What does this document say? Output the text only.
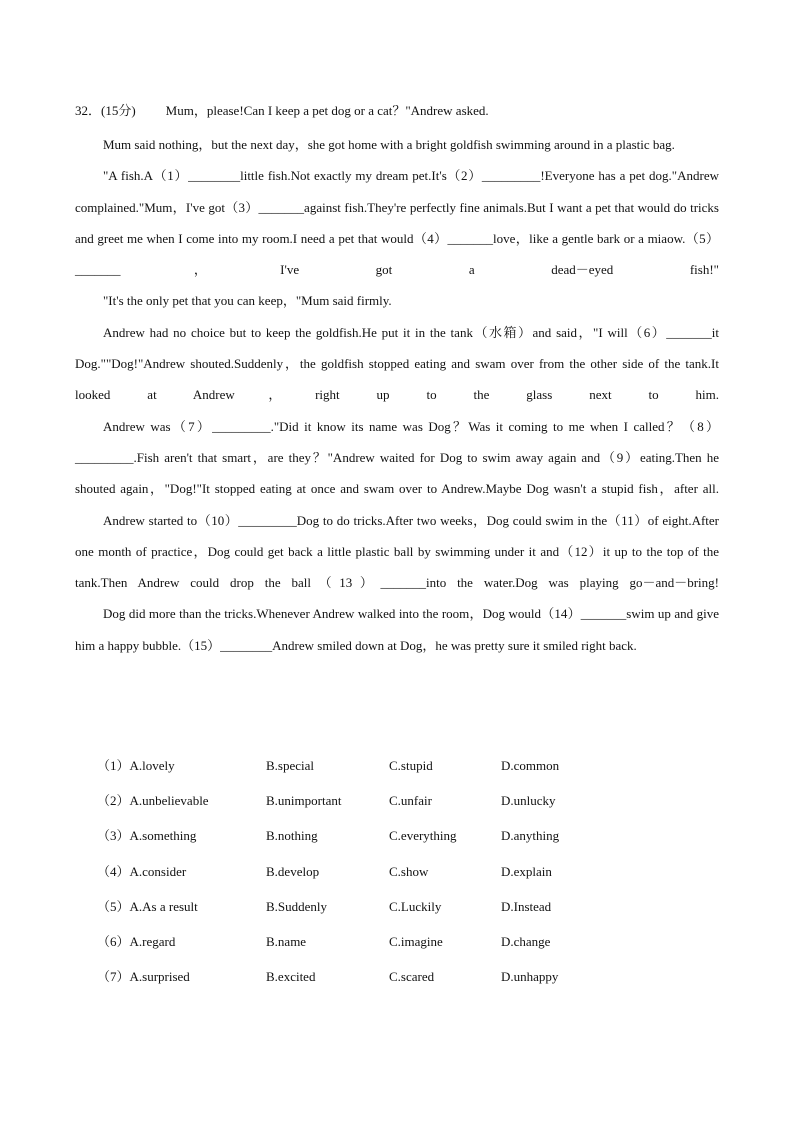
32．(15分) Mum，please!Can I keep a pet dog or a cat？"Andrew asked.

Mum said nothing，but the next day，she got home with a bright goldfish swimming around in a plastic bag.

"A fish.A（1）________little fish.Not exactly my dream pet.It's（2）_________!Everyone has a pet dog."Andrew complained."Mum，I've got（3）_______against fish.They're perfectly fine animals.But I want a pet that would do tricks and greet me when I come into my room.I need a pet that would（4）_______love，like a gentle bark or a miaow.（5）_______，I've got a dead－eyed fish!"

"It's the only pet that you can keep，"Mum said firmly.

Andrew had no choice but to keep the goldfish.He put it in the tank（水箱）and said，"I will（6）_______it Dog.""Dog!"Andrew shouted.Suddenly，the goldfish stopped eating and swam over from the other side of the tank.It looked at Andrew，right up to the glass next to him.

Andrew was（7）_________."Did it know its name was Dog？Was it coming to me when I called？（8）_________.Fish aren't that smart，are they？"Andrew waited for Dog to swim away again and（9）eating.Then he shouted again，"Dog!"It stopped eating at once and swam over to Andrew.Maybe Dog wasn't a stupid fish，after all.

Andrew started to（10）_________Dog to do tricks.After two weeks，Dog could swim in the（11）of eight.After one month of practice，Dog could get back a little plastic ball by swimming under it and（12）it up to the top of the tank.Then Andrew could drop the ball（13）_______into the water.Dog was playing go－and－bring!

Dog did more than the tricks.Whenever Andrew walked into the room，Dog would（14）_______swim up and give him a happy bubble.（15）________Andrew smiled down at Dog，he was pretty sure it smiled right back.

（1）A.lovely	B.special	C.stupid	D.common
（2）A.unbelievable	B.unimportant	C.unfair	D.unlucky
（3）A.something	B.nothing	C.everything	D.anything
（4）A.consider	B.develop	C.show	D.explain
（5）A.As a result	B.Suddenly	C.Luckily	D.Instead
（6）A.regard	B.name	C.imagine	D.change
（7）A.surprised	B.excited	C.scared	D.unhappy
